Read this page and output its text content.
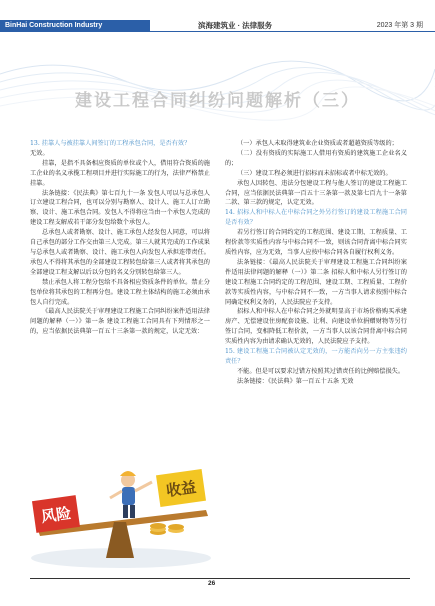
BinHai Construction Industry	滨海建筑业 · 法律服务	2023 年第 3 期
建设工程合同纠纷问题解析（三）

13. 挂靠人与被挂靠人间签订的工程承包合同，是否有效？

无效。

挂靠，是指不具备相应资质的单位或个人，借用符合资质的施工企业的名义承揽工程项目并进行实际施工的行为，法律严格禁止挂靠。

法条链接：《民法典》第七百九十一条 发包人可以与总承包人订立建设工程合同，也可以分别与勘察人、设计人、施工人订立勘察、设计、施工承包合同。发包人不得将应当由一个承包人完成的建设工程支解成若干部分发包给数个承包人。

总承包人或者勘察、设计、施工承包人经发包人同意，可以将自己承包的部分工作交由第三人完成。第三人就其完成的工作成果与总承包人或者勘察、设计、施工承包人向发包人承担连带责任。承包人不得将其承包的全部建设工程转包给第三人或者将其承包的全部建设工程支解以后以分包的名义分别转包给第三人。

禁止承包人将工程分包给不具备相应资质条件的单位。禁止分包单位将其承包的工程再分包。建设工程主体结构的施工必须由承包人自行完成。

《最高人民法院关于审理建设工程施工合同纠纷案件适用法律问题的解释（一）》第一条 建设工程施工合同具有下列情形之一的，应当依据民法典第一百五十三条第一款的规定，认定无效：

风险
收益

（一）承包人未取得建筑业企业资质或者超越资质等级的；

（二）没有资质的实际施工人借用有资质的建筑施工企业名义的；

（三）建设工程必须进行招标而未招标或者中标无效的。

承包人因转包、违法分包建设工程与他人签订的建设工程施工合同，应当依据民法典第一百五十三条第一款及第七百九十一条第二款、第三款的规定，认定无效。

14. 招标人和中标人在中标合同之外另行签订的建设工程施工合同是否有效？

若另行签订的合同约定的工程范围、建设工期、工程质量、工程价款等实质性内容与中标合同不一致，则该合同背离中标合同实质性内容，应为无效，当事人应按中标合同各自履行权利义务。

法条链接：《最高人民法院关于审理建设工程施工合同纠纷案件适用法律问题的解释（一）》第二条 招标人和中标人另行签订的建设工程施工合同约定的工程范围、建设工期、工程质量、工程价款等实质性内容，与中标合同不一致，一方当事人请求按照中标合同确定权利义务的，人民法院应予支持。

招标人和中标人在中标合同之外就明显高于市场价格购买承建房产、无偿建设住房配套设施、让利、向建设单位捐赠财物等另行签订合同，变相降低工程价款，一方当事人以该合同背离中标合同实质性内容为由请求确认无效的，人民法院应予支持。

15. 建设工程施工合同被认定无效的，一方能否向另一方主张违约责任？

不能。但是可以要求过错方按照其过错责任的比例赔偿损失。

法条链接：《民法典》第一百五十五条 无效

26
